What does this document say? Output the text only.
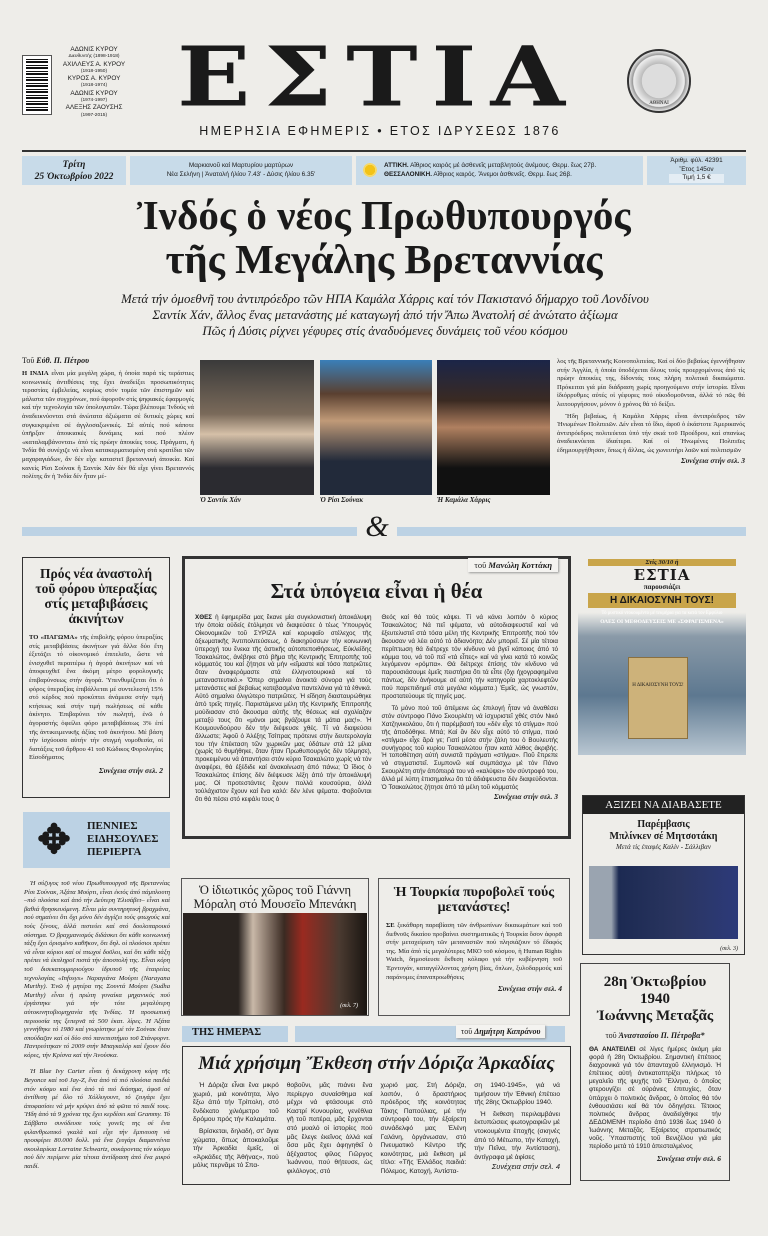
ΑΔΩΝΙΣ ΚΥΡΟΥ
Διευθυντής (1898-1918)
ΑΧΙΛΛΕΥΣ Α. ΚΥΡΟΥ
(1918-1950)
ΚΥΡΟΣ Α. ΚΥΡΟΥ
(1918-1974)
ΑΔΩΝΙΣ ΚΥΡΟΥ
(1974-1997)
ΑΛΕΞΗΣ ΖΑΟΥΣΗΣ
(1997-2015) ΕΣΤΙΑ	ΑΘΗΝΑΙ
ΗΜΕΡΗΣΙΑ ΕΦΗΜΕΡΙΣ • ΕΤΟΣ ΙΔΡΥΣΕΩΣ 1876
Τρίτη
25 Ὀκτωβρίου 2022
Μαρκιανοῦ καί Μαρτυρίου μαρτύρων
Νέα Σελήνη | Ἀνατολή ἡλίου 7.43' - Δύσις ἡλίου 6.35'
ΑΤΤΙΚΗ. Αἴθριος καιρός μέ ἀσθενεῖς μεταβλητούς ἀνέμους. Θερμ. ἕως 27β.
ΘΕΣΣΑΛΟΝΙΚΗ. Αἴθριος καιρός. Ἄνεμοι ἀσθενεῖς. Θερμ. ἕως 26β.
Ἀριθμ. φύλ. 42391
Ἔτος 145ον
Τιμή 1,5 €
Ἰνδός ὁ νέος Πρωθυπουργός
τῆς Μεγάλης Βρεταννίας
Μετά τήν ὁμοεθνῆ του ἀντιπρόεδρο τῶν ΗΠΑ Καμάλα Χάρρις καί τόν Πακιστανό δήμαρχο τοῦ Λονδίνου
Σαντίκ Χάν, ἄλλος ἕνας μετανάστης μέ καταγωγή ἀπό τήν Ἄπω Ἀνατολή σέ ἀνώτατο ἀξίωμα
Πῶς ἡ Δύσις ρίχνει γέφυρες στίς ἀναδυόμενες δυνάμεις τοῦ νέου κόσμου
Τοῦ Εὐθ. Π. Πέτρου

Η ΙΝΔΙΑ εἶναι μία μεγάλη χώρα, ἡ ὁποία παρά τίς τεράστιες κοινωνικές ἀντιθέσεις της ἔχει ἀναδείξει προσωπικότητες τεραστίας ἐμβελείας, κυρίως στόν τομέα τῶν ἐπιστημῶν καί μάλιστα τῶν συγχρόνων, πού ἀφοροῦν στίς ψηφιακές ἐφαρμογές καί τήν τεχνολογία τῶν ὑπολογιστῶν. Τώρα βλέπουμε Ἰνδούς νά ἀναδεικνύονται στά ἀνώτατα ἀξιώματα σέ δυτικές χώρες καί συγκεκριμένα σέ ἀγγλοσαξωνικές. Σέ αὐτές πού κάποτε ὑπῆρξαν ἀποικιακές δυνάμεις καί πού πλέον «καταλαμβάνονται» ἀπό τίς πρώην ἀποικίες τους. Πράγματι, ἡ Ἰνδία θά συνέχιζε νά εἶναι κατακερματισμένη στά κρατίδια τῶν μαχαραγιάδων, ἄν δέν εἶχε καταστεῖ βρεταννική ἀποικία. Καί κανείς Ρίσι Σούνακ ἤ Σαντίκ Χάν δέν θά εἶχε γίνει Βρεταννός πολίτης ἄν ἡ Ἰνδία δέν ἦταν μέ-

Ὁ Σαντίκ Χάν	Ὁ Ρίσι Σούνακ	Ἡ Καμάλα Χάρρις

λος τῆς Βρεταννικῆς Κοινοπολιτείας. Καί οἱ δύο βεβαίως ἐγεννήθησαν στήν Ἀγγλία, ἡ ὁποία ὑποδέχεται ὅλους τούς προερχομένους ἀπό τίς πρώην ἀποικίες της, δίδοντάς τους πλήρη πολιτικά δικαιώματα. Πρόκειται γιά μία διάδραση χωρίς προηγούμενο στήν ἱστορία. Εἶναι ἰδιόρρυθμες αὐτές οἱ γέφυρες πού οἰκοδομοῦνται, ἀλλά τό πῶς θά λειτουργήσουν, μόνον ὁ χρόνος θά τό δείξει.

Ἤδη βεβαίως, ἡ Καμάλα Χάρρις εἶναι ἀντιπρόεδρος τῶν Ἡνωμένων Πολιτειῶν. Δέν εἶναι τό ἴδιο, ἀφοῦ ὁ ἑκάστοτε Ἀμερικανός ἀντιπρόεδρος πολιτεύεται ὑπό τήν σκιά τοῦ Προέδρου, καί σπανίως ἀναδεικνύεται ἰδιαίτερα. Καί οἱ Ἡνωμένες Πολιτεῖες ἐδημιουργήθησαν, ὅπως ἡ ἄλλας, ὡς χωνευτήρι λαῶν καί πολιτισμῶν

Συνέχεια στήν σελ. 3
&
Πρός νέα ἀναστολή τοῦ φόρου ὑπεραξίας στίς μεταβιβάσεις ἀκινήτων

ΤΟ «ΠΑΓΩΜΑ» τῆς ἐπιβολῆς φόρου ὑπεραξίας στίς μεταβιβάσεις ἀκινήτων γιά ἄλλα δύο ἔτη ἐξετάζει τό οἰκονομικό ἐπιτελεῖο, ὥστε νά ἐνισχυθεῖ περαιτέρω ἡ ἀγορά ἀκινήτων καί νά ἀποφευχθεῖ ἕνα ἀκόμη μέτρο φορολογικῆς ἐπιβαρύνσεως στήν ἀγορά. Ὑπενθυμίζεται ὅτι ὁ φόρος ὑπεραξίας ἐπιβάλλεται μέ συντελεστή 15% στό κέρδος πού προκύπτει ἀνάμεσα στήν τιμή κτήσεως καί στήν τιμή πωλήσεως σέ κάθε ἀκίνητο. Ἐπιβαρύνει τόν πωλητή, ἐνῶ ὁ ἀγοραστής ὀφείλει φόρο μεταβιβάσεως 3% ἐπί τῆς ἀντικειμενικῆς ἀξίας τοῦ ἀκινήτου. Μέ βάση τήν ἰσχύουσα αὐτήν τήν στιγμή νομοθεσία, οἱ διατάξεις τοῦ ἄρθρου 41 τοῦ Κώδικος Φορολογίας Εἰσοδήματος

Συνέχεια στήν σελ. 2
τοῦ Μανώλη Κοττάκη
Στά ὑπόγεια εἶναι ἡ θέα

ΧΘΕΣ ἡ ἐφημερίδα μας ἔκανε μία συγκλονιστική ἀποκάλυψη τήν ὁποία οὐδείς ἐτόλμησε νά διαψεύσει: ὁ τέως Ὑπουργός Οἰκονομικῶν τοῦ ΣΥΡΙΖΑ καί κορυφαῖο στέλεχος τῆς ἀξιωματικῆς Ἀντιπολιτεύσεως, ὁ διακηρύσσων τήν κοινωνική ὑπεροχή του ἕνεκα τῆς ἀστικῆς αὐτοπεποιθήσεως, Εὐκλείδης Τσακαλώτος, ἀνέβηκε στό βῆμα τῆς Κεντρικῆς Ἐπιτροπῆς τοῦ κόμματός του καί ζήτησε νά μήν «εἴμαστε καί τόσο πατριῶτες ὅταν ἀναφερόμαστε στά ἑλληνοτουρκικά καί τό μεταναστευτικό.» Ὅπερ σημαίνει ἀνοικτά σύνορα γιά τούς μετανάστες καί βεβαίως κατεβασμένα παντελόνια γιά τά ἐθνικά. Αὐτό σημαίνει ὀλιγώτερο πατριῶτες. Ἡ εἴδηση διασταυρώθηκε ἀπό τρεῖς πηγές. Παριστάμενα μέλη τῆς Κεντρικῆς Ἐπιτροπῆς μούδιασαν στό ἄκουσμα αὐτῆς τῆς θέσεως καί σχολίαζαν μεταξύ τους ὅτι «μόνοι μας βγάζουμε τά μάτια μας!». Ἡ Κουμουνδούρου δέν τήν διέψευσε χθές. Τί νά διαψεύσει ἄλλωστε; Ἀφοῦ ὁ Ἀλέξης Τσίπρας πρότεινε στήν δευτερολογία του τήν ἐπέκταση τῶν χωρικῶν μας ὑδάτων στά 12 μίλια (χωρίς τό θυμήθηκε, ὅταν ἦταν Πρωθυπουργός δέν τόλμησε), προκειμένου νά ἀπαντήσει στόν κύριο Τσακαλώτο χωρίς νά τόν ἀναφέρει, θά ἐξέδιδε καί ἀνακοίνωση ἀπό πάνω; Ὁ ἴδιος ὁ Τσακαλώτος ἐπίσης δέν διέψευσε λέξη ἀπό τήν ἀποκάλυψή μας. Οἱ προτεστάντες ἔχουν πολλά κουσούρια, ἀλλά τοὐλάχιστον ἔχουν καί ἕνα καλό: δέν λένε ψέματα. Φοβοῦνται ὅτι θά πέσει στό κεφάλι τους ὁ

Θεός καί θά τούς κάψει. Τί νά κάνει λοιπόν ὁ κύριος Τσακαλώτος; Νά πεῖ ψέματα, νά αὐτοδιαψευστεῖ καί νά ἐξευτελιστεῖ στά τόσα μέλη τῆς Κεντρικῆς Ἐπιτροπῆς πού τόν ἄκουσαν νά λέει αὐτό τό ἀδιανόητο; Δέν μπορεῖ. Σέ μία τέτοια περίπτωση θά διέτρεχε τόν κίνδυνο νά βγεῖ κάποιος ἀπό τό κόμμα του, νά τοῦ πεῖ «τά εἶπες» καί νά γίνει κατά τό κοινῶς λεγόμενον «ρόμπα». Θά διέτρεχε ἐπίσης τόν κίνδυνο νά παρουσιάσουμε ἐμεῖς πειστήρια ὅτι τά εἶπε (ὄχι ἠχογραφημένα πάντως, δέν ἀνήκουμε σέ αὐτή τήν κατηγορία χαρτοκλεφτῶν πού παρεπιδημεῖ στά μεγάλα κόμματα.) Ἐμεῖς, ὡς γνωστόν, προστατεύουμε τίς πηγές μας.

Τό μόνο πού τοῦ ἀπέμεινε ὡς ἐπιλογή ἦταν νά ἀναθέσει στόν σύντροφο Πάνο Σκουρλέτη νά ἰσχυριστεῖ χθές στόν Νικό Χατζηνικολάου, ὅτι ἡ παρέμβασή του «δέν εἶχε τό στίγμα» πού τῆς ἀποδόθηκε. Μπά; Καί ἄν δέν εἶχε αὐτό τό στίγμα, ποιό «στίγμα» εἶχε ἄρά γε; Γιατί μέσα στήν ζάλη του ὁ Βουλευτής συνήγορος τοῦ κυρίου Τσακαλώτου ἦταν κατά λάθος ἀκριβής. Ἡ τοποθέτηση αὐτή συνιστᾶ πράγματι «στίγμα». Ποῦ ἔπρεπε νά στιγματιστεῖ. Συμπονῶ καί συμπάσχω μέ τόν Πάνο Σκουρλέτη στήν ἀπόπειρά του νά «καλύψει» τόν σύντροφό του, ἀλλά μέ λύπη ἐπισημαίνω ὅτι τά ἀδιάψευστα δέν διαψεύδονται. Ὁ Τσακαλώτος ζήτησε ἀπό τά μέλη τοῦ κόμματός

Συνέχεια στήν σελ. 3
Στίς 30/10 ἡ
ΕΣΤΙΑ
παρουσιάζει
Η ΔΙΚΑΙΟΣΥΝΗ ΤΟΥΣ!
Τό μυστικό ντοκουμέντο μέ τεκμήρια για τα κατά τον Εμφύλιο
ΟΛΕΣ ΟΙ ΜΕΘΟΔΕΥΣΕΙΣ ΜΕ «ΣΦΡΑΓΙΣΜΕΝΑ»
Η ΔΙΚΑΙΟΣΥΝΗ ΤΟΥΣ!
ΑΞΙΖΕΙ ΝΑ ΔΙΑΒΑΣΕΤΕ
Παρέμβασις
Μπλίνκεν σέ Μητσοτάκη
Μετά τίς ἐπαφές Καλίν - Σάλλιβαν
(σελ. 3)
✥	ΠΕΝΝΙΕΣ
ΕΙΔΗΣΟΥΛΕΣ
ΠΕΡΙΕΡΓΑ

Ἡ σύζυγος τοῦ νέου Πρωθυπουργοῦ τῆς Βρεταννίας Ρίσι Σούνακ, Ἀξάτα Μούρτι, εἶναι ἐκτός ἀπό πάμπλουτη –πιό πλούσια καί ἀπό τήν Δεύτερη Ἐλισάβετ– εἶναι καί βαθιά θρησκευόμενη. Εἶναι μία συντηρητική βραχμάνα, πού σημαίνει ὅτι ὄχι μόνο δέν ἀγγίζει τούς φτωχούς καί τούς ξένους, ἀλλά πιστεύει καί στό δουλοπαροικό σύστημα. Ὁ βραχμανισμός διδάσκει ὅτι κάθε κοινωνική τάξη ἔχει ὁρισμένο καθῆκον, ὅτι δηλ. οἱ πλούσιοι πρέπει νά εἶναι κύριοι καί οἱ πτωχοί δοῦλοι, καί ὅτι κάθε τάξη πρέπει νά ἐκπληροῖ πιστά τήν ἀποστολή της. Εἶναι κόρη τοῦ δισεκατομμυριούχου ἱδρυτοῦ τῆς ἑταιρείας τεχνολογίας «Infosys» Ναραγιάνα Μούρτι (Narayana Murthy). Ἐνῶ ἡ μητέρα της Σουντά Μούρτι (Sudha Murthy) εἶναι ἡ πρώτη γυναίκα μηχανικός πού ἐργάστηκε γιά τήν τότε μεγαλύτερη αὐτοκινητοβιομηχανία τῆς Ἰνδίας. Ἡ προσωπική περιουσία της ξεπερνᾶ τά 500 ἑκατ. λίρες. Ἡ Ἀξάτα γεννήθηκε τό 1980 καί γνωρίστηκε μέ τόν Σούνακ ὅταν σπούδαζαν καί οἱ δύο στό πανεπιστήμιο τοῦ Στάνφορντ. Παντρεύτηκαν τό 2009 στήν Μπαγκαλόρ καί ἔχουν δύο κόρες, τήν Κρίσνα καί τήν Ἀνούσκα.

Ἡ Blue Ivy Carter εἶναι ἡ δεκάχρονη κόρη τῆς Beyonce καί τοῦ Jay-Z, ἕνα ἀπό τά πιό πλούσια παιδιά στόν κόσμο καί ἕνα ἀπό τά πιό διάσημα, ἀφοῦ σέ ἀντίθεση μέ ὅλο τό Χόλλυγουντ, τό ζευγάρι ἔχει ἀποφασίσει νά μήν κρύψει ἀπό τά φῶτα τό παιδί τους. Ἤδη ἀπό τά 9 χρόνια της ἔχει κερδίσει καί Grammy. Τό Σάββατο συνόδευσε τούς γονεῖς της σέ ἕνα φιλανθρωπικό γκαλά καί εἶχε τήν ἔμπνευση νά προσφέρει 80.000 δολλ. γιά ἕνα ζευγάρι διαμαντένια σκουλαρίκια Lorraine Schwartz, σοκάροντας τόν κόσμο πού δέν περίμενε μία τέτοια ἀντίδραση ἀπό ἕνα μικρό παιδί.

Ὁ ἰδιωτικός χῶρος τοῦ Γιάννη Μόραλη στό Μουσεῖο Μπενάκη
(σελ. 7)
Ἡ Τουρκία πυροβολεῖ τούς μετανάστες!

ΣΕ ξεκάθαρη παραβίαση τῶν ἀνθρωπίνων δικαιωμάτων καί τοῦ διεθνοῦς δικαίου προβαίνει συστηματικῶς ἡ Τουρκία ὅσον ἀφορᾶ στήν μεταχείριση τῶν μεταναστῶν πού πλησιάζουν τό ἔδαφός της. Μία ἀπό τίς μεγαλύτερες ΜΚΟ τοῦ κόσμου, ἡ Human Rights Watch, δημοσίευσε ἔκθεση κόλαφο γιά τήν κυβέρνηση τοῦ Ἐρντογάν, καταγγέλλοντας χρήση βίας, ὅπλων, ξυλοδαρμούς καί παράνομες ἐπαναπροωθήσεις

Συνέχεια στήν σελ. 4
ΤΗΣ ΗΜΕΡΑΣ	τοῦ Δημήτρη Καπράνου
Μιά χρήσιμη Ἔκθεση στήν Δόριζα Ἀρκαδίας

Ἡ Δόριζα εἶναι ἕνα μικρό χωριό, μιά κοινότητα, λίγο ἔξω ἀπό τήν Τρίπολη, στό ἔνδέκατο χιλιόμετρο τοῦ δρόμου πρός τήν Καλαμάτα.

Βρίσκεται, δηλαδή, στ' ἅγια χώματα, ὅπως ἀποκαλοῦμε τήν Ἀρκαδία ἐμεῖς, οἱ «Ἀρκάδες τῆς Ἀθήνας», πού μόλις περνᾶμε τό Σπα-

θοβοῦνι, μᾶς πιάνει ἕνα περίεργο συναίσθημα καί μέχρι νά φτάσουμε στό Καστρί Κυνουρίας, γενέθλια γῆ τοῦ πατέρα, μᾶς ἔρχονται στό μυαλό οἱ ἱστορίες πού μᾶς ἔλεγε ἐκεῖνος ἀλλά καί ὅσα μᾶς ἔχει ἀφηγηθεῖ ὁ ἀξέχαστος φίλος Γιῶργος Ἰωάννου, πού θήτευσε, ὡς φιλόλογος, στό

χωριό μας. Στή Δόριζα, λοιπόν, ὁ δραστήριος πρόεδρος τῆς κοινότητας Τάκης Παπούλιας, μέ τήν σύντροφό του, τήν ἐξαίρετη συνάδελφό μας Ἑλένη Γαλάνη, ὀργάνωσαν, στό Πνευματικό Κέντρο τῆς κοινότητας, μιά ἔκθεση μέ τίτλο: «Τῆς Ἑλλάδος παιδιά: Πόλεμος, Κατοχή, Ἀντίστα-

ση 1940-1945», γιά νά τιμήσουν τήν Ἐθνική ἐπέτειο τῆς 28ης Ὀκτωβρίου 1940.

Ἡ ἔκθεση περιλαμβάνει ἐκτυπώσεις φωτογραφιῶν μέ ντοκουμέντα ἐποχῆς (σκηνές ἀπό τό Μέτωπο, τήν Κατοχή, τήν Πεῖνα, τήν Ἀντίσταση), ἀντίγραφα μέ ἀφίσες

Συνέχεια στήν σελ. 4
28η Ὀκτωβρίου 1940
Ἰωάννης Μεταξᾶς
τοῦ Ἀναστασίου Π. Πέτροβα*

ΘΑ ΑΝΑΤΕΙΛΕΙ σέ λίγες ἡμέρες ἀκόμη μία φορά ἡ 28η Ὀκτωβρίου. Σημαντική ἐπέτειος διαχρονικά γιά τόν ἁπανταχοῦ ἑλληνισμό. Ἡ ἐπέτειος αὐτή ἀντικατοπτρίζει πλήρως τό μεγαλεῖο τῆς ψυχῆς τοῦ Ἕλληνα, ὁ ὁποῖος φτερουγίζει σέ οὐράνιες ἐπιτυχίες, ὅταν ὑπάρχει ὁ πολιτικός ἄνδρας, ὁ ὁποῖος θά τόν ἐνθουσιάσει καί θά τόν ὁδηγήσει. Τέτοιος πολιτικός ἄνδρας ἀναδείχθηκε τήν ΔΕΔΟΜΕΝΗ περίοδο ἀπό 1936 ἕως 1940 ὁ Ἰωάννης Μεταξᾶς. Ἐξαίρετος στρατιωτικός νοῦς. Ὑπασπιστής τοῦ Βενιζέλου γιά μία περίοδο μετά τό 1910 ἀπεσταλμένος

Συνέχεια στήν σελ. 6
